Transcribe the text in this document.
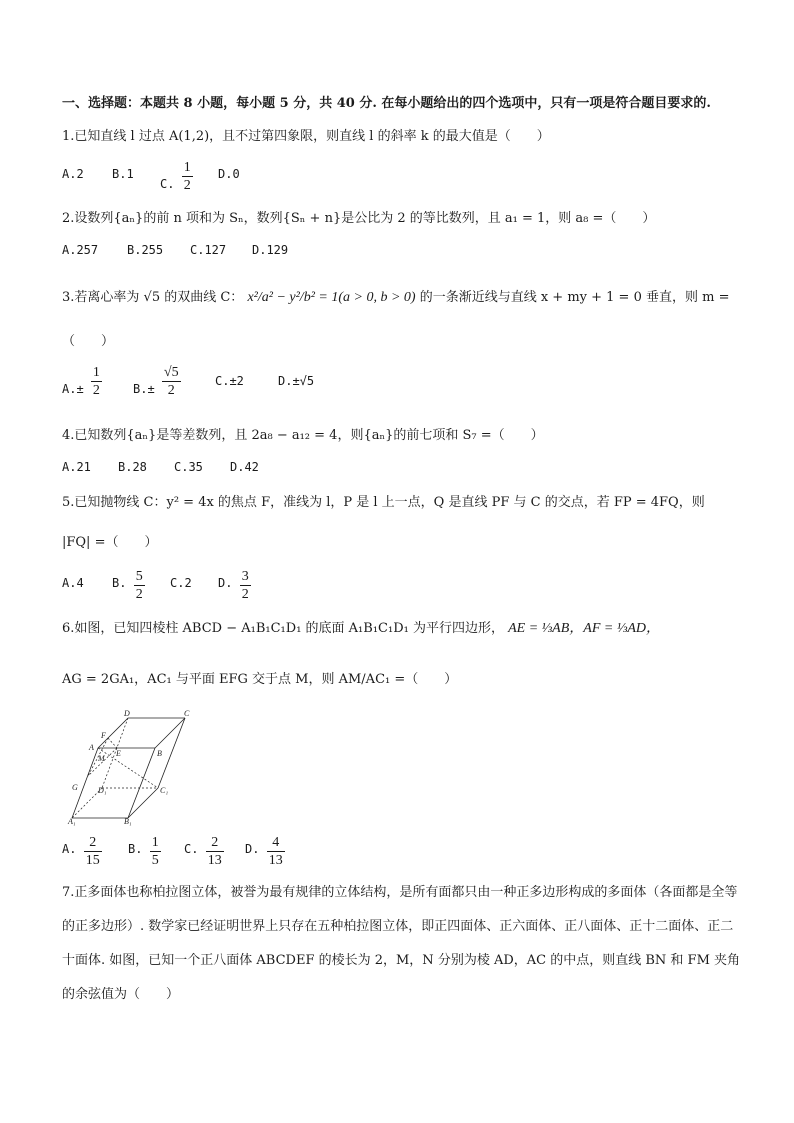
一、选择题：本题共 8 小题，每小题 5 分，共 40 分. 在每小题给出的四个选项中，只有一项是符合题目要求的.
1.已知直线 l 过点 A(1,2)，且不过第四象限，则直线 l 的斜率 k 的最大值是（　　）
A.2 B.1
C. $\frac{1}{2} D.0$
2.设数列{aₙ}的前 n 项和为 Sₙ，数列{Sₙ + n}是公比为 2 的等比数列，且 a₁ = 1，则 a₈ =（　　）
A.257 B.255 C.127 D.129
3.若离心率为 √5 的双曲线 C： x²/a² − y²/b² = 1(a > 0, b > 0) 的一条渐近线与直线 x + my + 1 = 0 垂直，则 m =
（　　）
$A.\pm \frac{1}{2}$	$B.\pm \frac{√5}{2}$	C.±2	D.±√5
4.已知数列{aₙ}是等差数列，且 2a₈ − a₁₂ = 4，则{aₙ}的前七项和 S₇ =（　　）
A.21 B.28 C.35 D.42
5.已知抛物线 C：y² = 4x 的焦点 F，准线为 l，P 是 l 上一点，Q 是直线 PF 与 C 的交点，若 FP = 4FQ，则
|FQ| =（　　）
A.4 B. $\frac{5}{2} C.2$ D. $\frac{3}{2}$
6.如图，已知四棱柱 ABCD − A₁B₁C₁D₁ 的底面 A₁B₁C₁D₁ 为平行四边形， AE = ⅓AB，AF = ⅓AD，
AG = 2GA₁，AC₁ 与平面 EFG 交于点 M，则 AM/AC₁ =（　　）
D	C
A
F
E
M
B
G	D₁	C₁
A₁	B₁
A. $\frac{2}{15} B$. $\frac{1}{5} C$. $\frac{2}{13} D$. $\frac{4}{13}$
7.正多面体也称柏拉图立体，被誉为最有规律的立体结构，是所有面都只由一种正多边形构成的多面体（各面都是全等的正多边形）. 数学家已经证明世界上只存在五种柏拉图立体，即正四面体、正六面体、正八面体、正十二面体、正二十面体. 如图，已知一个正八面体 ABCDEF 的棱长为 2，M，N 分别为棱 AD，AC 的中点，则直线 BN 和 FM 夹角的余弦值为（　　）
